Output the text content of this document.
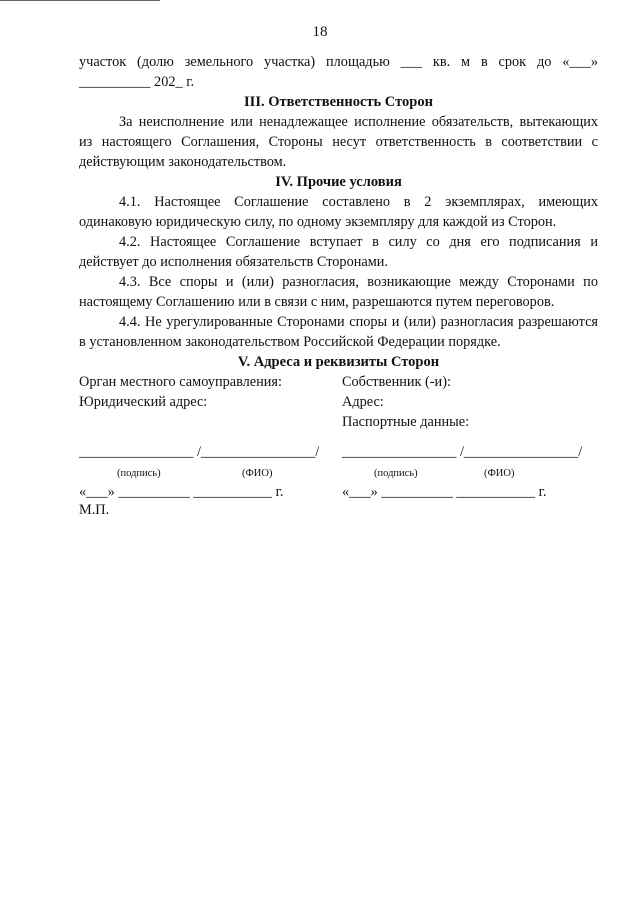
18

участок (долю земельного участка) площадью ___ кв. м в срок до «___»

__________ 202_ г.

III. Ответственность Сторон

За неисполнение или ненадлежащее исполнение обязательств, вытекающих из настоящего Соглашения, Стороны несут ответственность в соответствии с действующим законодательством.

IV. Прочие условия

4.1. Настоящее Соглашение составлено в 2 экземплярах, имеющих одинаковую юридическую силу, по одному экземпляру для каждой из Сторон.

4.2. Настоящее Соглашение вступает в силу со дня его подписания и действует до исполнения обязательств Сторонами.

4.3. Все споры и (или) разногласия, возникающие между Сторонами по настоящему Соглашению или в связи с ним, разрешаются путем переговоров.

4.4. Не урегулированные Сторонами споры и (или) разногласия разрешаются в установленном законодательством Российской Федерации порядке.

V. Адреса и реквизиты Сторон

Орган местного самоуправления:
Юридический адрес:
________________ /________________/
(подпись)	(ФИО)
«___» __________ ___________ г.
М.П.
Собственник (-и):
Адрес:
Паспортные данные:
________________ /________________/
(подпись)	(ФИО)
«___» __________ ___________ г.
